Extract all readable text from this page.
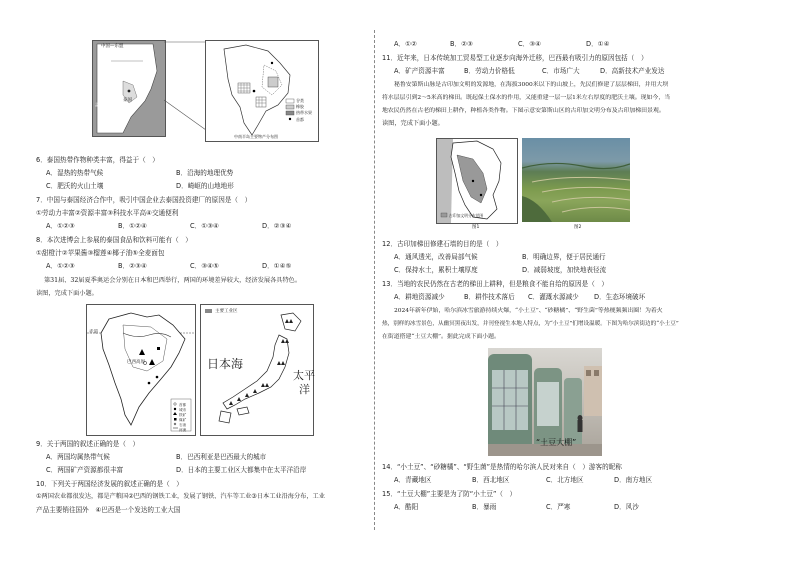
中国—东盟
泰国
孟加拉湾
谷类
橡胶
热带水果
首都
中南半岛主要物产分布图
6．泰国热带作物种类丰富，得益于（　）
A．湿热的热带气候	B．沿海的地理优势
C．肥沃的火山土壤	D．崎岖的山地地形
7．中国与泰国经济合作中，吸引中国企业去泰国投资建厂的原因是（　）
①劳动力丰富②资源丰富③科技水平高④交通便利
A．①②③	B．①②④	C．①③④	D．②③④
8．本次进博会上参展的泰国食品和饮料可能有（　）
①甜橙汁②苹果酱③榴莲④椰子油⑤全麦面包
A．①②③	B．②③④	C．③④⑤	D．①④⑤
第31届、32届夏季奥运会分别在日本和巴西举行，两国的环境差异较大，经济发展各具特色。
读图，完成下面小题。
赤道
巴西高原
首都
城市
铁矿
煤矿
石油
河流
主要工业区
日本海
太平
洋
9．关于两国的叙述正确的是（　）
A．两国均属热带气候	B．巴西利亚是巴西最大的城市
C．两国矿产资源都很丰富	D．日本的主要工业区大都集中在太平洋沿岸
10．下列关于两国经济发展的叙述正确的是（　）
①两国农业都很发达，都是产粮国②巴西的钢铁工业，发展了钢铁、汽车等工业③日本工业沿海分布，工业
产品主要销往国外　④巴西是一个发达的工业大国
A．①②	B．②③	C．③④	D．①④
11．近年来，日本传统加工贸易型工业逐步向海外迁移，巴西最有吸引力的原因包括（　）
A．矿产资源丰富	B．劳动力价格低	C．市场广大	D．高新技术产业发达
秘鲁安第斯山脉是古印加文明的发源地，在海拔3000米以下的山坡上，先民们修建了层层梯田，并用大坝
将水层层引到2～5米高的梯田。既起保土保水的作用，又能重建一层一层1米左右厚度的肥沃土壤。现如今，当
地农民仍然在古老的梯田上耕作，种植各类作物。下图示意安第斯山区的古印加文明分布及古印加梯田景观。
读图，完成下面小题。
古印加文明分布范围
图1	图2
12．古印加梯田修建石墙的目的是（　）
A．通风透光，改善局部气候	B．明确边界，便于居民通行
C．保持水土，累积土壤厚度	D．减弱坡度，加快地表径流
13．当地的农民仍然在古老的梯田上耕种，但是粮食不能自给的原因是（　）
A．耕地资源减少	B．耕作技术落后 C．灌溉水源减少 D．生态环境破坏
2024年新年伊始，哈尔滨冰雪旅游持续火爆，“小土豆”、“砂糖橘”、“野生菌”等热梗频频出圈！为着火
热，别样的冰雪景色，从幽冥黑夜出发，并刊登视生本地人特点，为“小土豆”们增设温暖。下图为哈尔滨街边的“小土豆”
在街道搭建“土豆大棚”。据此完成下面小题。
“土豆大棚”
14．“小土豆”、“砂糖橘”、“野生菌”是热情的哈尔滨人民对来自（　）游客的昵称
A．青藏地区	B．西北地区	C．北方地区	D．南方地区
15．“土豆大棚”主要是为了防“小土豆”（　）
A．酷阳	B．暴雨	C．严寒	D．风沙
